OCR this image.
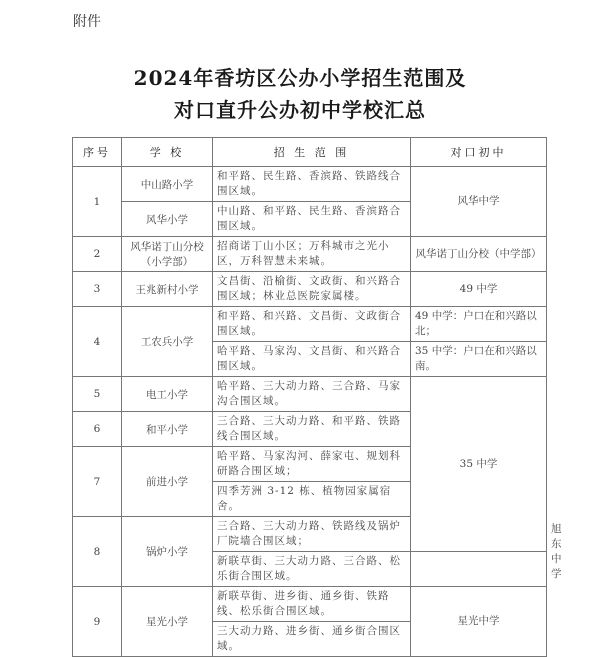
附件
2024年香坊区公办小学招生范围及
对口直升公办初中学校汇总
序号	学 校	招 生 范 围	对口初中	
1	中山路小学	和平路、民生路、香滨路、铁路线合围区域。	风华中学	
	风华小学	中山路、和平路、民生路、香滨路合围区域。		
2	风华诺丁山分校（小学部）	招商诺丁山小区；万科城市之光小区，万科智慧未来城。	风华诺丁山分校（中学部）	
3	王兆新村小学	文昌街、沿榆街、文政街、和兴路合围区域；林业总医院家属楼。	49 中学	
4	工农兵小学	和平路、和兴路、文昌街、文政街合围区域。	49 中学：户口在和兴路以北；	
		哈平路、马家沟、文昌街、和兴路合围区域。	35 中学：户口在和兴路以南。	
5	电工小学	哈平路、三大动力路、三合路、马家沟合围区域。	35 中学	
6	和平小学	三合路、三大动力路、和平路、铁路线合围区域。		
7	前进小学	哈平路、马家沟河、薛家屯、规划科研路合围区域；		
		四季芳洲 3-12 栋、植物园家属宿舍。		
8	锅炉小学	三合路、三大动力路、铁路线及锅炉厂院墙合围区域；		旭东中学
		新联草街、三大动力路、三合路、松乐街合围区域。		
9	星光小学	新联草街、进乡街、通乡街、铁路线、松乐街合围区域。	星光中学	
		三大动力路、进乡街、通乡街合围区域。		
